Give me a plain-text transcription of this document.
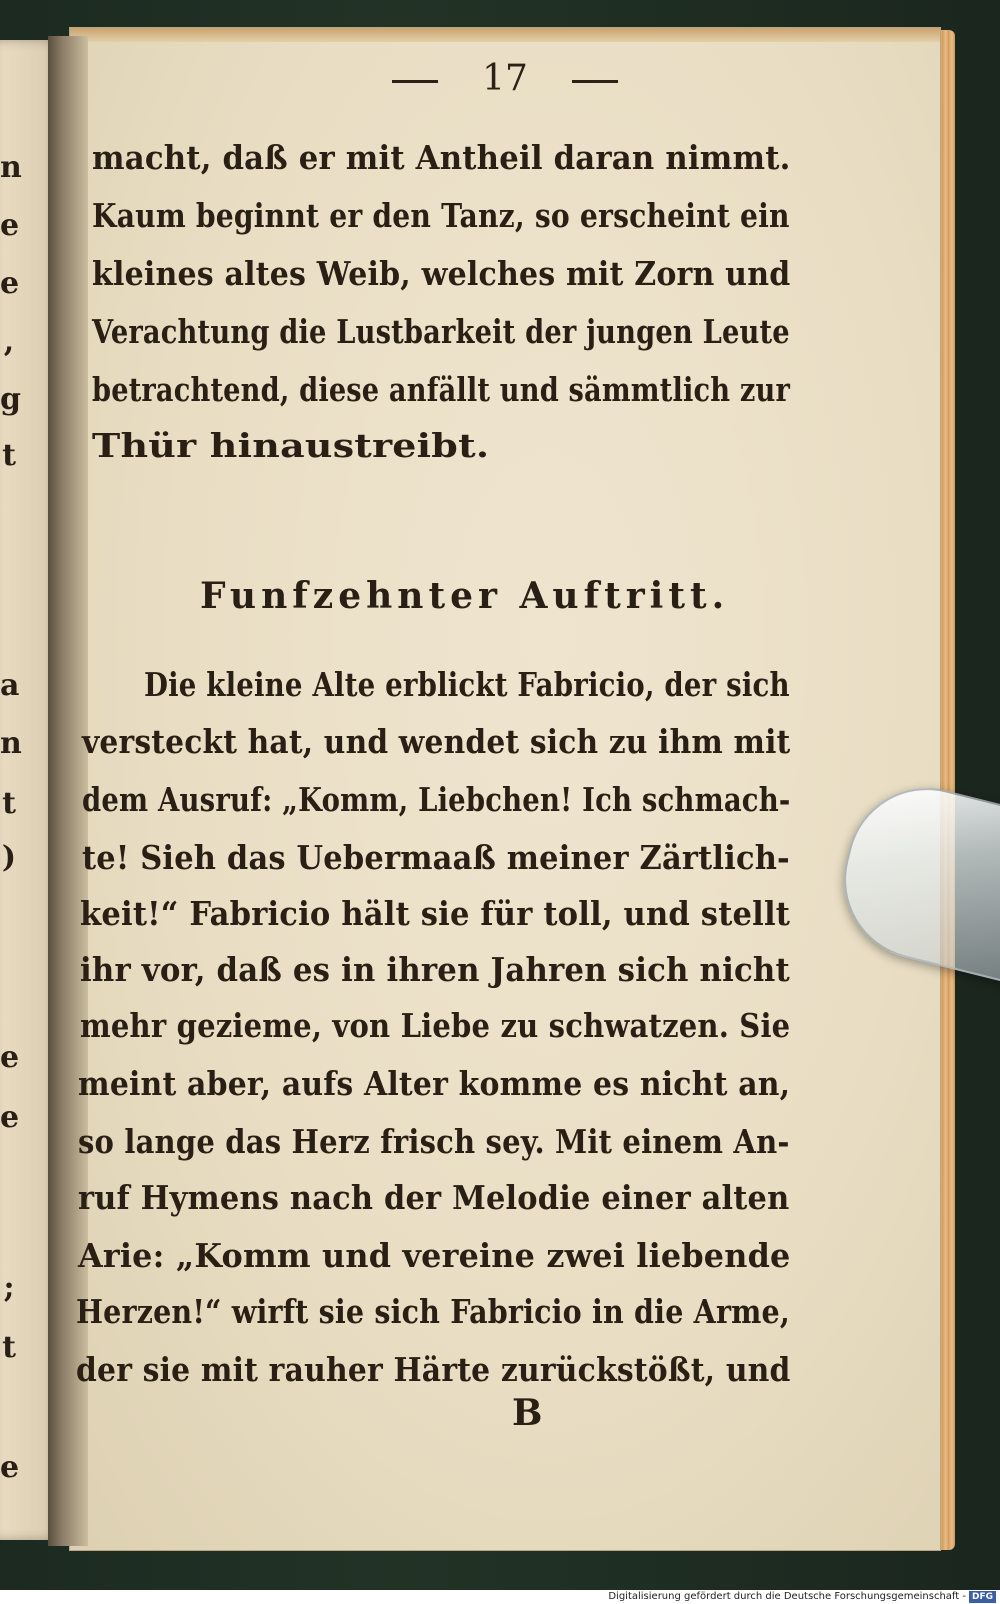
n
e
e
,
g
t
a
n
t
)
e
e
;
t
e
17
macht, daß er mit Antheil daran nimmt.
Kaum beginnt er den Tanz, so erscheint ein
kleines altes Weib, welches mit Zorn und
Verachtung die Lustbarkeit der jungen Leute
betrachtend, diese anfällt und sämmtlich zur
Thür hinaustreibt.
Funfzehnter Auftritt.
Die kleine Alte erblickt Fabricio, der sich
versteckt hat, und wendet sich zu ihm mit
dem Ausruf: „Komm, Liebchen! Ich schmach-
te! Sieh das Uebermaaß meiner Zärtlich-
keit!“ Fabricio hält sie für toll, und stellt
ihr vor, daß es in ihren Jahren sich nicht
mehr gezieme, von Liebe zu schwatzen. Sie
meint aber, aufs Alter komme es nicht an,
so lange das Herz frisch sey. Mit einem An-
ruf Hymens nach der Melodie einer alten
Arie: „Komm und vereine zwei liebende
Herzen!“ wirft sie sich Fabricio in die Arme,
der sie mit rauher Härte zurückstößt, und
B
Digitalisierung gefördert durch die Deutsche Forschungsgemeinschaft - DFG
